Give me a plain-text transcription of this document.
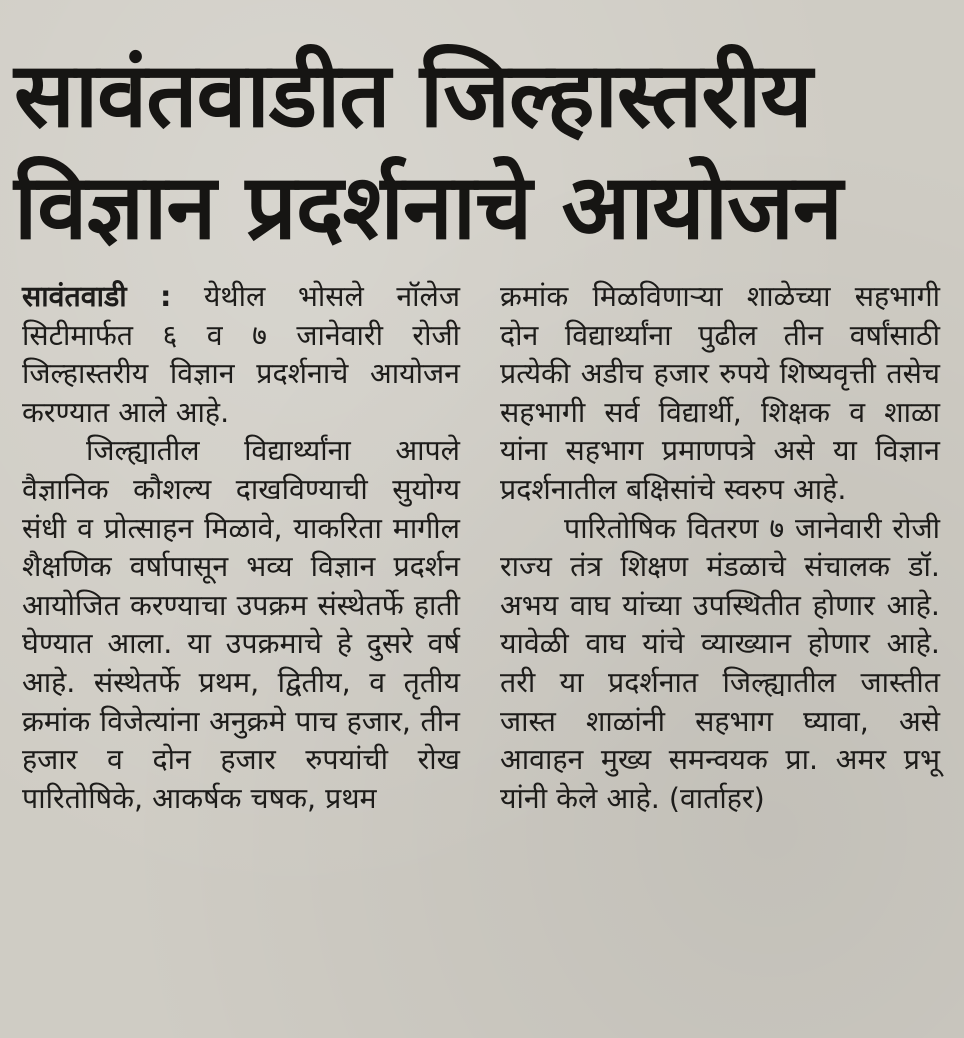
सावंतवाडीत जिल्हास्तरीय
विज्ञान प्रदर्शनाचे आयोजन

सावंतवाडी : येथील भोसले नॉलेज सिटीमार्फत ६ व ७ जानेवारी रोजी जिल्हास्तरीय विज्ञान प्रदर्शनाचे आयोजन करण्यात आले आहे.

जिल्ह्यातील विद्यार्थ्यांना आपले वैज्ञानिक कौशल्य दाखविण्याची सुयोग्य संधी व प्रोत्साहन मिळावे, याकरिता मागील शैक्षणिक वर्षापासून भव्य विज्ञान प्रदर्शन आयोजित करण्याचा उपक्रम संस्थेतर्फे हाती घेण्यात आला. या उपक्रमाचे हे दुसरे वर्ष आहे. संस्थेतर्फे प्रथम, द्वितीय, व तृतीय क्रमांक विजेत्यांना अनुक्रमे पाच हजार, तीन हजार व दोन हजार रुपयांची रोख पारितोषिके, आकर्षक चषक, प्रथम

क्रमांक मिळविणाऱ्या शाळेच्या सहभागी दोन विद्यार्थ्यांना पुढील तीन वर्षांसाठी प्रत्येकी अडीच हजार रुपये शिष्यवृत्ती तसेच सहभागी सर्व विद्यार्थी, शिक्षक व शाळा यांना सहभाग प्रमाणपत्रे असे या विज्ञान प्रदर्शनातील बक्षिसांचे स्वरुप आहे.

पारितोषिक वितरण ७ जानेवारी रोजी राज्य तंत्र शिक्षण मंडळाचे संचालक डॉ. अभय वाघ यांच्या उपस्थितीत होणार आहे. यावेळी वाघ यांचे व्याख्यान होणार आहे. तरी या प्रदर्शनात जिल्ह्यातील जास्तीत जास्त शाळांनी सहभाग घ्यावा, असे आवाहन मुख्य समन्वयक प्रा. अमर प्रभू यांनी केले आहे. (वार्ताहर)
